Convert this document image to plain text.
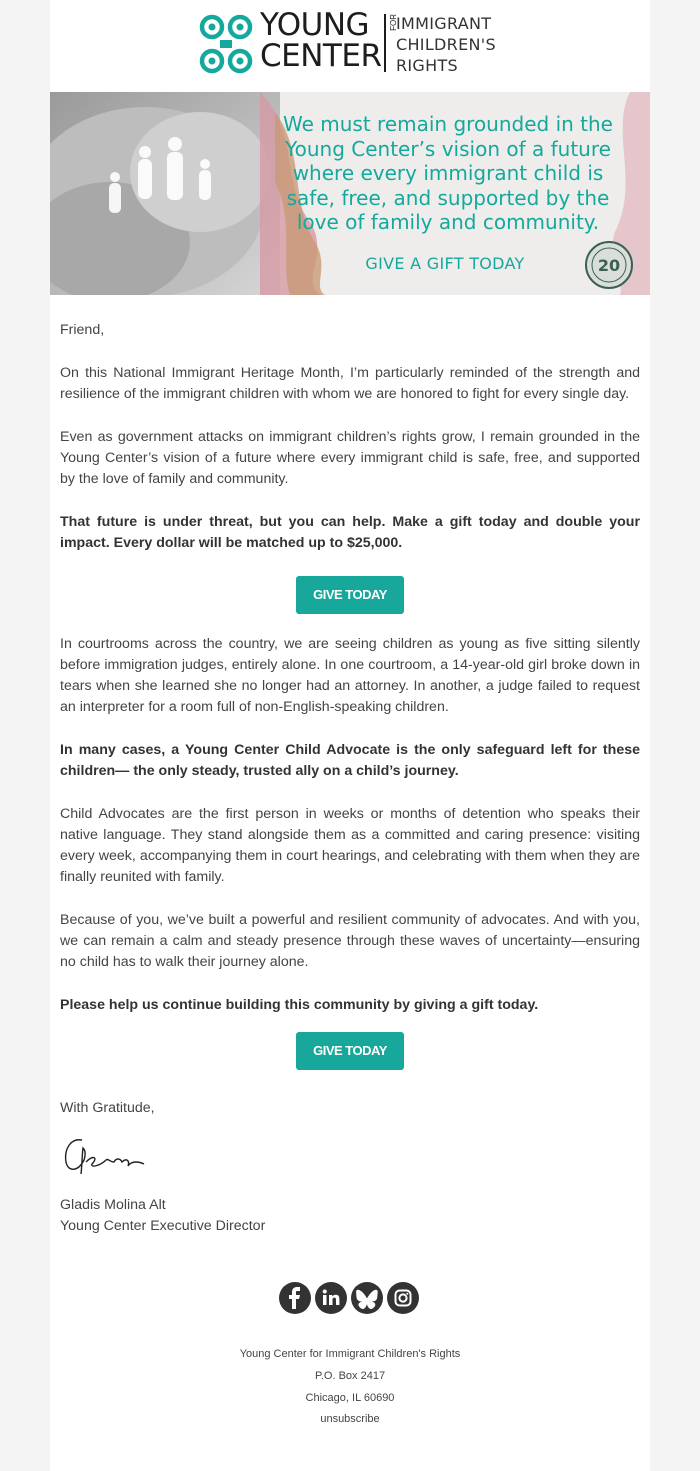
YOUNG
CENTER
FOR
IMMIGRANT
CHILDREN'S
RIGHTS
We must remain grounded in the Young Center’s vision of a future where every immigrant child is safe, free, and supported by the love of family and community.
GIVE A GIFT TODAY	20

Friend,

On this National Immigrant Heritage Month, I’m particularly reminded of the strength and resilience of the immigrant children with whom we are honored to fight for every single day.

Even as government attacks on immigrant children’s rights grow, I remain grounded in the Young Center’s vision of a future where every immigrant child is safe, free, and supported by the love of family and community.

That future is under threat, but you can help. Make a gift today and double your impact. Every dollar will be matched up to $25,000.

GIVE TODAY

In courtrooms across the country, we are seeing children as young as five sitting silently before immigration judges, entirely alone. In one courtroom, a 14-year-old girl broke down in tears when she learned she no longer had an attorney. In another, a judge failed to request an interpreter for a room full of non-English-speaking children.

In many cases, a Young Center Child Advocate is the only safeguard left for these children— the only steady, trusted ally on a child’s journey.

Child Advocates are the first person in weeks or months of detention who speaks their native language. They stand alongside them as a committed and caring presence: visiting every week, accompanying them in court hearings, and celebrating with them when they are finally reunited with family.

Because of you, we’ve built a powerful and resilient community of advocates. And with you, we can remain a calm and steady presence through these waves of uncertainty—ensuring no child has to walk their journey alone.

Please help us continue building this community by giving a gift today.

GIVE TODAY

With Gratitude,

Gladis Molina Alt

Young Center Executive Director

Young Center for Immigrant Children's Rights
P.O. Box 2417
Chicago, IL 60690
unsubscribe
